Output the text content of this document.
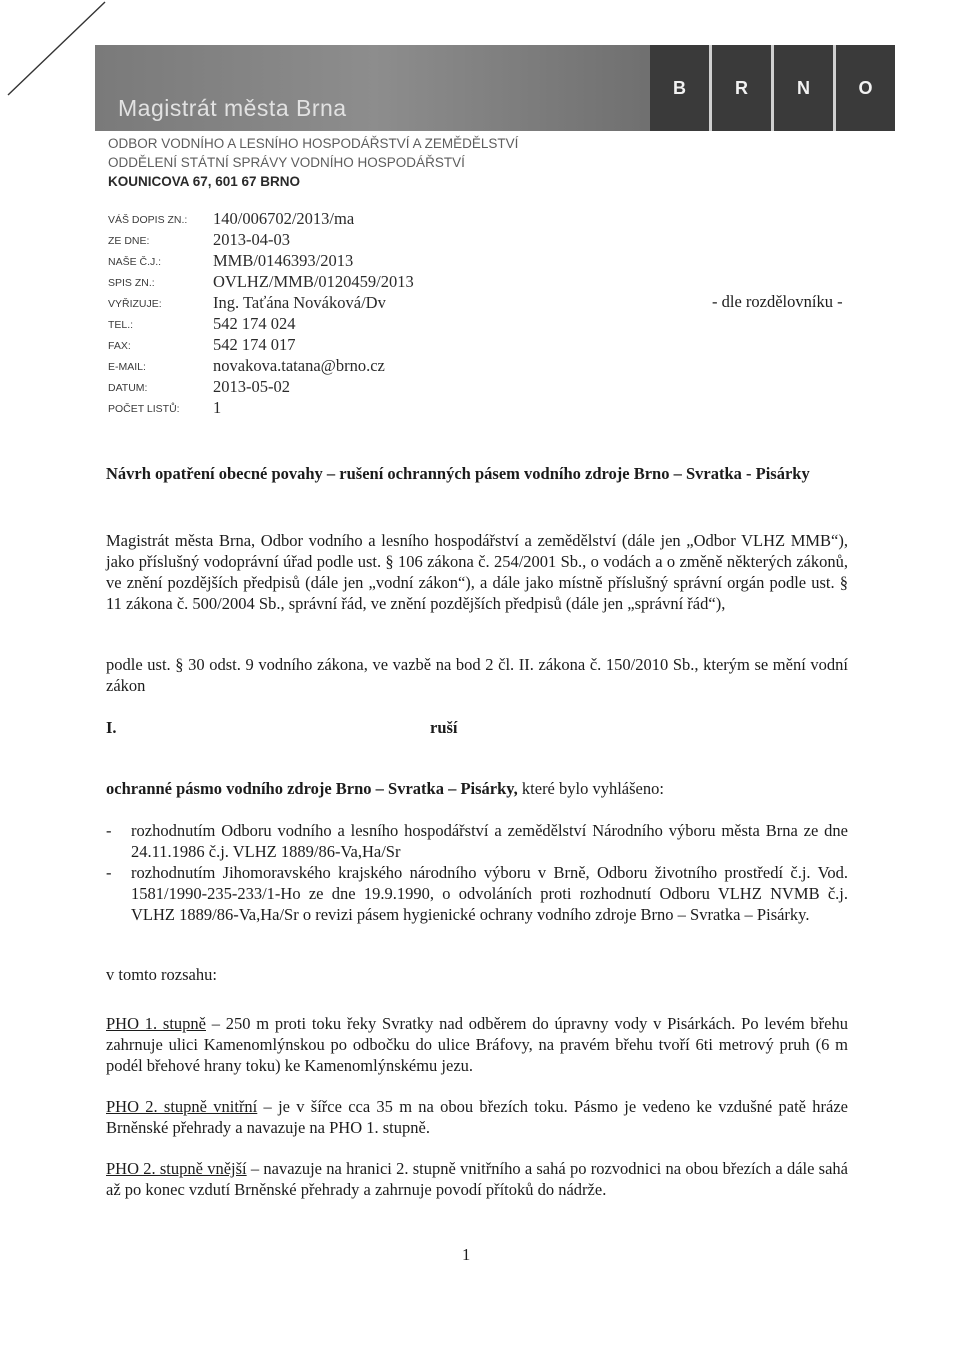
Magistrát města Brna
B	R	N	O
ODBOR VODNÍHO A LESNÍHO HOSPODÁŘSTVÍ A ZEMĚDĚLSTVÍ
ODDĚLENÍ STÁTNÍ SPRÁVY VODNÍHO HOSPODÁŘSTVÍ
KOUNICOVA 67, 601 67 BRNO
VÁŠ DOPIS ZN.: 140/006702/2013/ma
ZE DNE:	2013-04-03
NAŠE Č.J.:	MMB/0146393/2013
SPIS ZN.:	OVLHZ/MMB/0120459/2013
VYŘIZUJE:	Ing. Taťána Nováková/Dv
TEL.:	542 174 024
FAX:	542 174 017
E-MAIL:	novakova.tatana@brno.cz
DATUM:	2013-05-02
POČET LISTŮ: 1
- dle rozdělovníku -
Návrh opatření obecné povahy – rušení ochranných pásem vodního zdroje Brno – Svratka - Pisárky
Magistrát města Brna, Odbor vodního a lesního hospodářství a zemědělství (dále jen „Odbor VLHZ MMB“), jako příslušný vodoprávní úřad podle ust. § 106 zákona č. 254/2001 Sb., o vodách a o změně některých zákonů, ve znění pozdějších předpisů (dále jen „vodní zákon“), a dále jako místně příslušný správní orgán podle ust. § 11 zákona č. 500/2004 Sb., správní řád, ve znění pozdějších předpisů (dále jen „správní řád“),
podle ust. § 30 odst. 9 vodního zákona, ve vazbě na bod 2 čl. II. zákona č. 150/2010 Sb., kterým se mění vodní zákon
I.	ruší
ochranné pásmo vodního zdroje Brno – Svratka – Pisárky, které bylo vyhlášeno:
- rozhodnutím Odboru vodního a lesního hospodářství a zemědělství Národního výboru města Brna ze dne 24.11.1986 č.j. VLHZ 1889/86-Va,Ha/Sr
- rozhodnutím Jihomoravského krajského národního výboru v Brně, Odboru životního prostředí č.j. Vod. 1581/1990-235-233/1-Ho ze dne 19.9.1990, o odvoláních proti rozhodnutí Odboru VLHZ NVMB č.j. VLHZ 1889/86-Va,Ha/Sr o revizi pásem hygienické ochrany vodního zdroje Brno – Svratka – Pisárky.
v tomto rozsahu:
PHO 1. stupně – 250 m proti toku řeky Svratky nad odběrem do úpravny vody v Pisárkách. Po levém břehu zahrnuje ulici Kamenomlýnskou po odbočku do ulice Bráfovy, na pravém břehu tvoří 6ti metrový pruh (6 m podél břehové hrany toku) ke Kamenomlýnskému jezu.
PHO 2. stupně vnitřní – je v šířce cca 35 m na obou březích toku. Pásmo je vedeno ke vzdušné patě hráze Brněnské přehrady a navazuje na PHO 1. stupně.
PHO 2. stupně vnější – navazuje na hranici 2. stupně vnitřního a sahá po rozvodnici na obou březích a dále sahá až po konec vzdutí Brněnské přehrady a zahrnuje povodí přítoků do nádrže.
1
